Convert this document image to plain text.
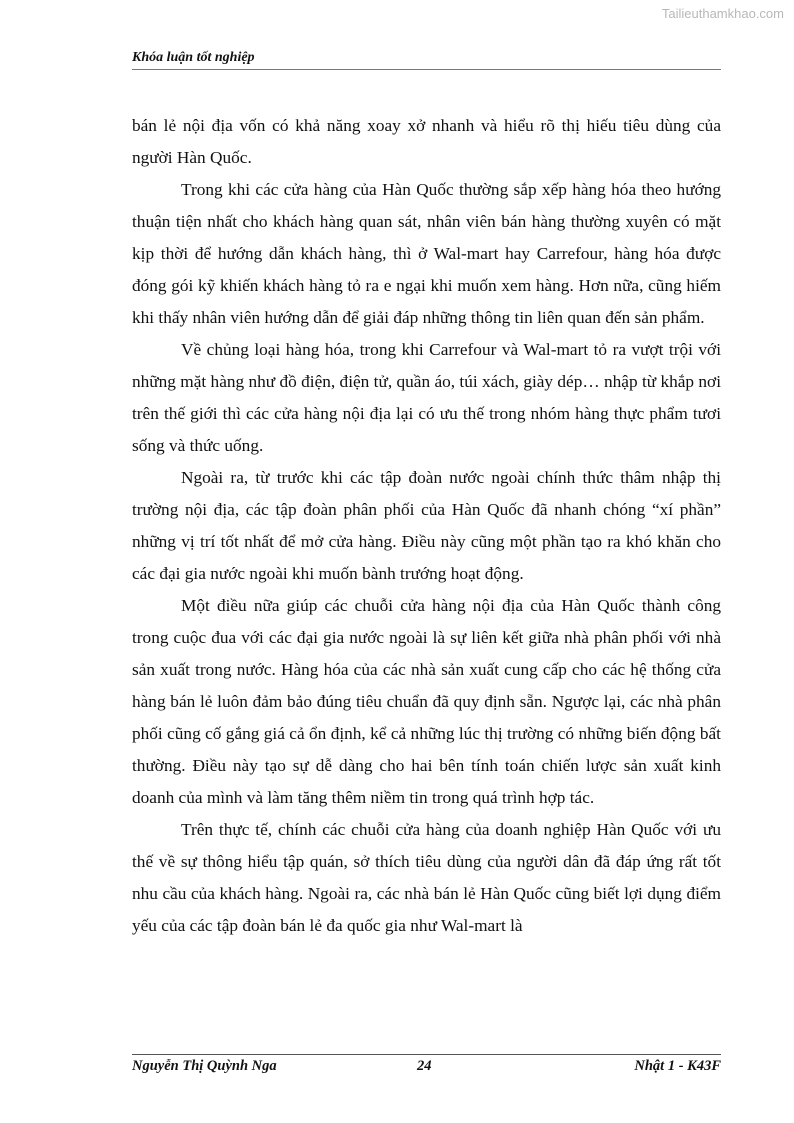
Tailieuthamkhao.com
Khóa luận tốt nghiệp

bán lẻ nội địa vốn có khả năng xoay xở nhanh và hiểu rõ thị hiếu tiêu dùng của người Hàn Quốc.

Trong khi các cửa hàng của Hàn Quốc thường sắp xếp hàng hóa theo hướng thuận tiện nhất cho khách hàng quan sát, nhân viên bán hàng thường xuyên có mặt kịp thời để hướng dẫn khách hàng, thì ở Wal-mart hay Carrefour, hàng hóa được đóng gói kỹ khiến khách hàng tỏ ra e ngại khi muốn xem hàng. Hơn nữa, cũng hiếm khi thấy nhân viên hướng dẫn để giải đáp những thông tin liên quan đến sản phẩm.

Về chủng loại hàng hóa, trong khi Carrefour và Wal-mart tỏ ra vượt trội với những mặt hàng như đồ điện, điện tử, quần áo, túi xách, giày dép… nhập từ khắp nơi trên thế giới thì các cửa hàng nội địa lại có ưu thế trong nhóm hàng thực phẩm tươi sống và thức uống.

Ngoài ra, từ trước khi các tập đoàn nước ngoài chính thức thâm nhập thị trường nội địa, các tập đoàn phân phối của Hàn Quốc đã nhanh chóng “xí phần” những vị trí tốt nhất để mở cửa hàng. Điều này cũng một phần tạo ra khó khăn cho các đại gia nước ngoài khi muốn bành trướng hoạt động.

Một điều nữa giúp các chuỗi cửa hàng nội địa của Hàn Quốc thành công trong cuộc đua với các đại gia nước ngoài là sự liên kết giữa nhà phân phối với nhà sản xuất trong nước. Hàng hóa của các nhà sản xuất cung cấp cho các hệ thống cửa hàng bán lẻ luôn đảm bảo đúng tiêu chuẩn đã quy định sẵn. Ngược lại, các nhà phân phối cũng cố gắng giá cả ổn định, kể cả những lúc thị trường có những biến động bất thường. Điều này tạo sự dễ dàng cho hai bên tính toán chiến lược sản xuất kinh doanh của mình và làm tăng thêm niềm tin trong quá trình hợp tác.

Trên thực tế, chính các chuỗi cửa hàng của doanh nghiệp Hàn Quốc với ưu thế về sự thông hiểu tập quán, sở thích tiêu dùng của người dân đã đáp ứng rất tốt nhu cầu của khách hàng. Ngoài ra, các nhà bán lẻ Hàn Quốc cũng biết lợi dụng điểm yếu của các tập đoàn bán lẻ đa quốc gia như Wal-mart là

Nguyễn Thị Quỳnh Nga	24	Nhật 1 - K43F
